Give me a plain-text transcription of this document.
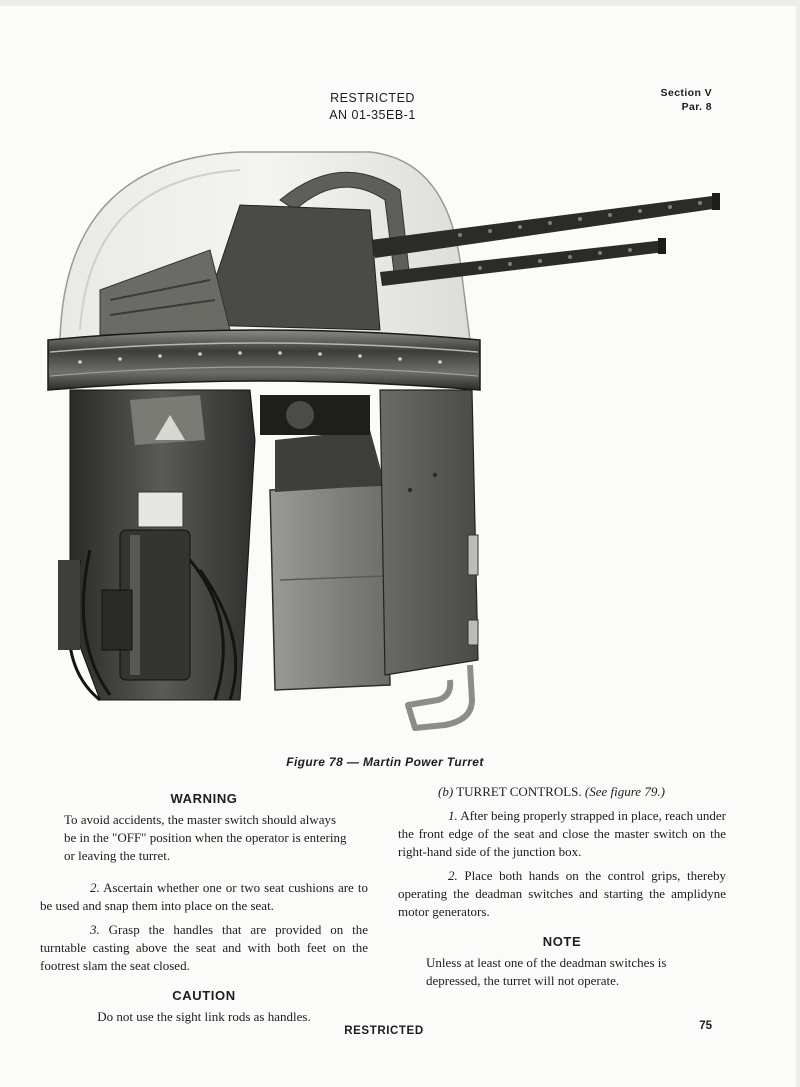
RESTRICTED
AN 01-35EB-1
Section V
Par. 8
Figure 78 — Martin Power Turret
WARNING

To avoid accidents, the master switch should always be in the "OFF" position when the operator is entering or leaving the turret.

2. Ascertain whether one or two seat cushions are to be used and snap them into place on the seat.

3. Grasp the handles that are provided on the turntable casting above the seat and with both feet on the footrest slam the seat closed.

CAUTION

Do not use the sight link rods as handles.

(b) TURRET CONTROLS. (See figure 79.)

1. After being properly strapped in place, reach under the front edge of the seat and close the master switch on the right-hand side of the junction box.

2. Place both hands on the control grips, thereby operating the deadman switches and starting the amplidyne motor generators.

NOTE

Unless at least one of the deadman switches is depressed, the turret will not operate.

RESTRICTED	75
